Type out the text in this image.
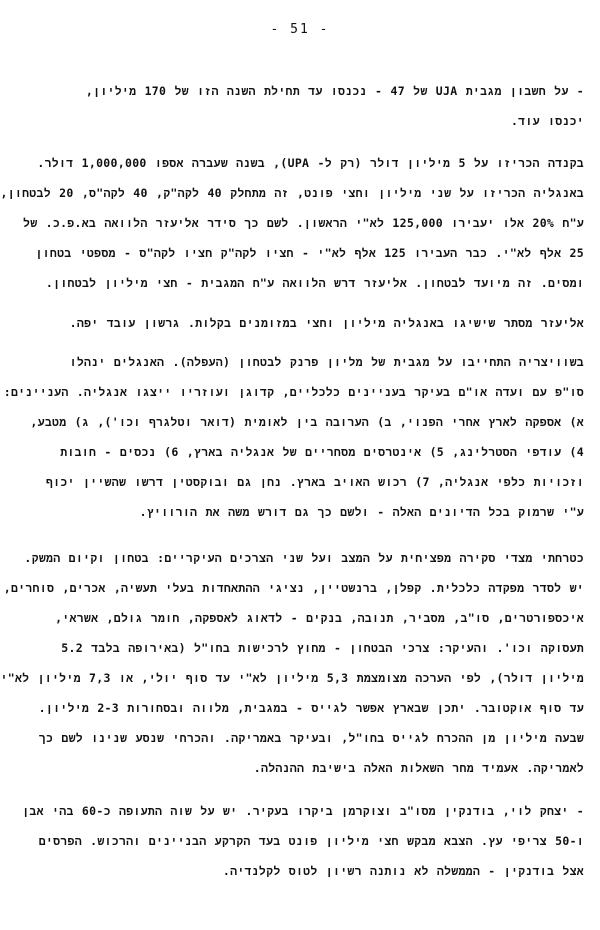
- 51 -
- על חשבון מגבית UJA של 47 - נכנסו עד תחילת השנה הזו של 170 מיליון,
יכנסו עוד.
בקנדה הכריזו על 5 מיליון דולר (רק ל- UPA), בשנה שעברה אספו 1,000,000 דולר.
באנגליה הכריזו על שני מיליון וחצי פונט, זה מתחלק 40 לקה"ק, 40 לקה"ס, 20 לבטחון,
ע"ח 20% אלו יעבירו 125,000 לא"י הראשון. לשם כך סידר אליעזר הלוואה בא.פ.כ. של
25 אלף לא"י. כבר העבירו 125 אלף לא"י - חציו לקה"ק חציו לקה"ס - מספטי בטחון
ומסים. זה מיועד לבטחון. אליעזר דרש הלוואה ע"ח המגבית - חצי מיליון לבטחון.
אליעזר מסתר שישיגו באנגליה מיליון וחצי במזומנים בקלות. גרשון עובד יפה.
בשוויצריה התחייבו על מגבית של מליון פרנק לבטחון (העפלה). האנגלים ינהלו
סו"פ עם ועדה או"ם בעיקר בעניינים כלכליים, קדוגן ועוזריו ייצגו אנגליה. העניינים:
א) אספקה לארץ אחרי הפנוי, ב) הערובה בין לאומית (דואר וטלגרף וכו'), ג) מטבע,
4) עודפי הסטרלינג, 5) אינטרסים מסחריים של אנגליה בארץ, 6) נכסים - חובות
וזכויות כלפי אנגליה, 7) רכוש האויב בארץ. נחן גם ובוקסטין דרשו שהשיין יכוף
ע"י שרמוק בכל הדיונים האלה - ולשם כך גם דורש משה את הורוויץ.
כטרחתי מצדי סקירה מפציחית על המצב ועל שני הצרכים העיקריים: בטחון וקיום המשק.
יש לסדר מפקדה כלכלית. קפלן, ברנשטיין, נציגי ההתאחדות בעלי תעשיה, אכרים, סוחרים,
איכספורטרים, סו"ב, מסביר, תנובה, בנקים - לדאוג לאספקה, חומר גולם, אשראי,
תעסוקה וכו'. והעיקר: צרכי הבטחון - מחוץ לרכישות בחו"ל (באירופה בלבד 5.2
מיליון דולר), לפי הערכה מצומצמת 5,3 מיליון לא"י עד סוף יולי, או 7,3 מיליון לא"י
עד סוף אוקטובר. יתכן שבארץ אפשר לגייס - במגבית, מלווה ובסחורות 2-3 מיליון.
שבעה מיליון מן ההכרח לגייס בחו"ל, ובעיקר באמריקה. והכרחי שנסע שנינו לשם כך
לאמריקה. אעמיד מחר השאלות האלה בישיבת ההנהלה.
- יצחק לוי, בודנקין מסו"ב וצוקרמן ביקרו בעקיר. יש על שוה התעופה כ-60 בהי אבן
ו-50 צריפי עץ. הצבא מבקש חצי מיליון פונט בעד הקרקע הבניינים והרכוש. הפרסים
אצל בודנקין - הממשלה לא נותנה רשיון לטוס לקלנדיה.
